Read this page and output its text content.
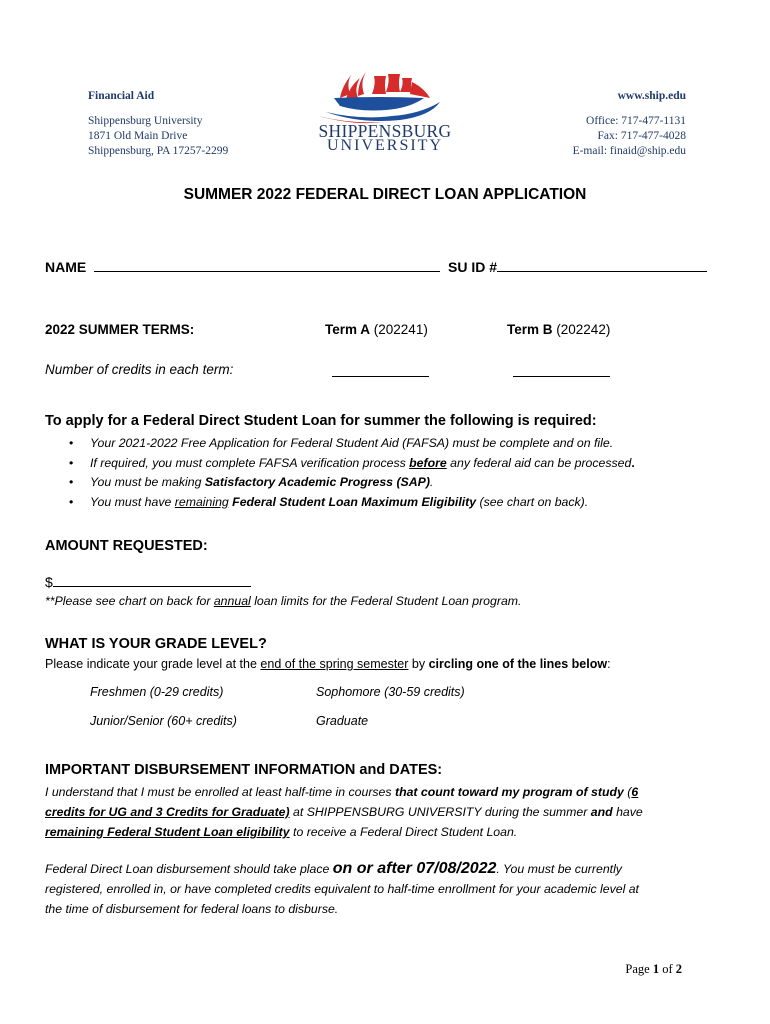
Financial Aid
Shippensburg University
1871 Old Main Drive
Shippensburg, PA 17257-2299
SHIPPENSBURG
UNIVERSITY
www.ship.edu
Office: 717-477-1131
Fax: 717-477-4028
E-mail: finaid@ship.edu
SUMMER 2022 FEDERAL DIRECT LOAN APPLICATION
NAME	SU ID #
2022 SUMMER TERMS:	Term A (202241)	Term B (202242)
Number of credits in each term:
To apply for a Federal Direct Student Loan for summer the following is required:
• Your 2021-2022 Free Application for Federal Student Aid (FAFSA) must be complete and on file.
• If required, you must complete FAFSA verification process before any federal aid can be processed.
• You must be making Satisfactory Academic Progress (SAP).
• You must have remaining Federal Student Loan Maximum Eligibility (see chart on back).
AMOUNT REQUESTED:
$
**Please see chart on back for annual loan limits for the Federal Student Loan program.
WHAT IS YOUR GRADE LEVEL?
Please indicate your grade level at the end of the spring semester by circling one of the lines below:
Freshmen (0-29 credits)	Sophomore (30-59 credits)
Junior/Senior (60+ credits)	Graduate
IMPORTANT DISBURSEMENT INFORMATION and DATES:
I understand that I must be enrolled at least half-time in courses that count toward my program of study (6
credits for UG and 3 Credits for Graduate) at SHIPPENSBURG UNIVERSITY during the summer and have
remaining Federal Student Loan eligibility to receive a Federal Direct Student Loan.
Federal Direct Loan disbursement should take place on or after 07/08/2022. You must be currently
registered, enrolled in, or have completed credits equivalent to half-time enrollment for your academic level at
the time of disbursement for federal loans to disburse.
Page 1 of 2
